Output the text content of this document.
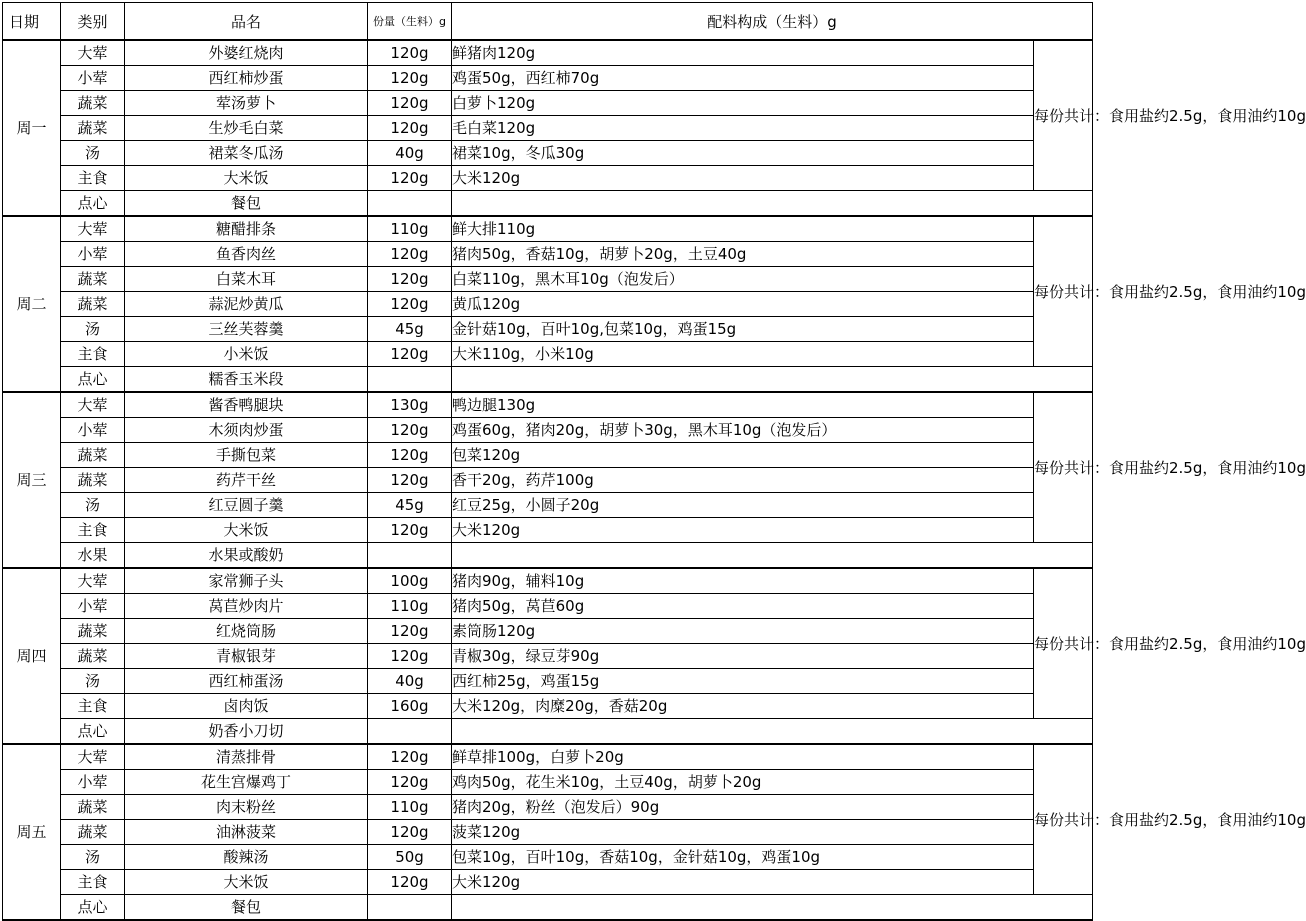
日期	类别	品名	份量（生料）g	配料构成（生料）g	
周一	大荤	外婆红烧肉	120g	鲜猪肉120g	每份共计：食用盐约2.5g，食用油约10g
	小荤	西红柿炒蛋	120g	鸡蛋50g，西红柿70g	
	蔬菜	荤汤萝卜	120g	白萝卜120g	
	蔬菜	生炒毛白菜	120g	毛白菜120g	
	汤	裙菜冬瓜汤	40g	裙菜10g，冬瓜30g	
	主食	大米饭	120g	大米120g	
	点心	餐包			
周二	大荤	糖醋排条	110g	鲜大排110g	每份共计：食用盐约2.5g，食用油约10g
	小荤	鱼香肉丝	120g	猪肉50g，香菇10g，胡萝卜20g，土豆40g	
	蔬菜	白菜木耳	120g	白菜110g，黑木耳10g（泡发后）	
	蔬菜	蒜泥炒黄瓜	120g	黄瓜120g	
	汤	三丝芙蓉羹	45g	金针菇10g，百叶10g,包菜10g，鸡蛋15g	
	主食	小米饭	120g	大米110g，小米10g	
	点心	糯香玉米段			
周三	大荤	酱香鸭腿块	130g	鸭边腿130g	每份共计：食用盐约2.5g，食用油约10g
	小荤	木须肉炒蛋	120g	鸡蛋60g，猪肉20g，胡萝卜30g，黑木耳10g（泡发后）	
	蔬菜	手撕包菜	120g	包菜120g	
	蔬菜	药芹干丝	120g	香干20g，药芹100g	
	汤	红豆圆子羹	45g	红豆25g，小圆子20g	
	主食	大米饭	120g	大米120g	
	水果	水果或酸奶			
周四	大荤	家常狮子头	100g	猪肉90g，辅料10g	每份共计：食用盐约2.5g，食用油约10g
	小荤	莴苣炒肉片	110g	猪肉50g，莴苣60g	
	蔬菜	红烧筒肠	120g	素筒肠120g	
	蔬菜	青椒银芽	120g	青椒30g，绿豆芽90g	
	汤	西红柿蛋汤	40g	西红柿25g，鸡蛋15g	
	主食	卤肉饭	160g	大米120g，肉糜20g，香菇20g	
	点心	奶香小刀切			
周五	大荤	清蒸排骨	120g	鲜草排100g，白萝卜20g	每份共计：食用盐约2.5g，食用油约10g
	小荤	花生宫爆鸡丁	120g	鸡肉50g，花生米10g，土豆40g，胡萝卜20g	
	蔬菜	肉末粉丝	110g	猪肉20g，粉丝（泡发后）90g	
	蔬菜	油淋菠菜	120g	菠菜120g	
	汤	酸辣汤	50g	包菜10g，百叶10g，香菇10g，金针菇10g，鸡蛋10g	
	主食	大米饭	120g	大米120g	
	点心	餐包			
